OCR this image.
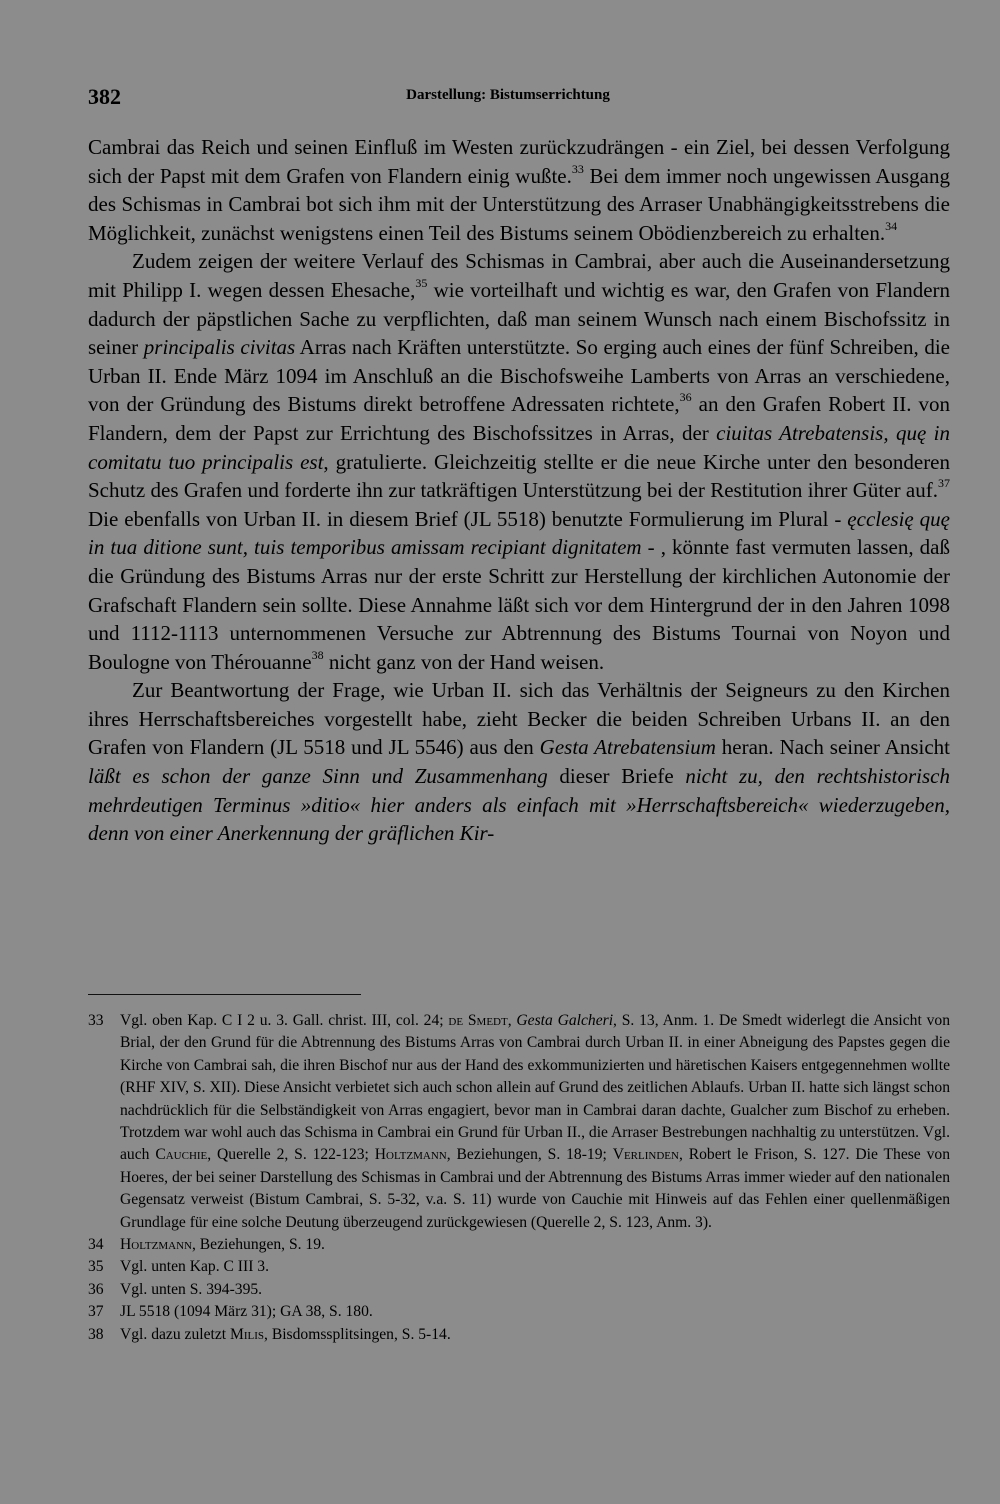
382	Darstellung: Bistumserrichtung

Cambrai das Reich und seinen Einfluß im Westen zurückzudrängen - ein Ziel, bei dessen Verfolgung sich der Papst mit dem Grafen von Flandern einig wußte.$^{33}$ Bei dem immer noch ungewissen Ausgang des Schismas in Cambrai bot sich ihm mit der Unterstützung des Arraser Unabhängigkeitsstrebens die Möglichkeit, zunächst wenigstens einen Teil des Bistums seinem Obödienzbereich zu erhalten.$^{34}$

Zudem zeigen der weitere Verlauf des Schismas in Cambrai, aber auch die Auseinandersetzung mit Philipp I. wegen dessen Ehesache,$^{35}$ wie vorteilhaft und wichtig es war, den Grafen von Flandern dadurch der päpstlichen Sache zu verpflichten, daß man seinem Wunsch nach einem Bischofssitz in seiner principalis civitas Arras nach Kräften unterstützte. So erging auch eines der fünf Schreiben, die Urban II. Ende März 1094 im Anschluß an die Bischofsweihe Lamberts von Arras an verschiedene, von der Gründung des Bistums direkt betroffene Adressaten richtete,$^{36}$ an den Grafen Robert II. von Flandern, dem der Papst zur Errichtung des Bischofssitzes in Arras, der ciuitas Atrebatensis, quę in comitatu tuo principalis est, gratulierte. Gleichzeitig stellte er die neue Kirche unter den besonderen Schutz des Grafen und forderte ihn zur tatkräftigen Unterstützung bei der Restitution ihrer Güter auf.$^{37}$ Die ebenfalls von Urban II. in diesem Brief (JL 5518) benutzte Formulierung im Plural - ęcclesię quę in tua ditione sunt, tuis temporibus amissam recipiant dignitatem - , könnte fast vermuten lassen, daß die Gründung des Bistums Arras nur der erste Schritt zur Herstellung der kirchlichen Autonomie der Grafschaft Flandern sein sollte. Diese Annahme läßt sich vor dem Hintergrund der in den Jahren 1098 und 1112-1113 unternommenen Versuche zur Abtrennung des Bistums Tournai von Noyon und Boulogne von Thérouanne$^{38}$ nicht ganz von der Hand weisen.

Zur Beantwortung der Frage, wie Urban II. sich das Verhältnis der Seigneurs zu den Kirchen ihres Herrschaftsbereiches vorgestellt habe, zieht Becker die beiden Schreiben Urbans II. an den Grafen von Flandern (JL 5518 und JL 5546) aus den Gesta Atrebatensium heran. Nach seiner Ansicht läßt es schon der ganze Sinn und Zusammenhang dieser Briefe nicht zu, den rechtshistorisch mehrdeutigen Terminus »ditio« hier anders als einfach mit »Herrschaftsbereich« wiederzugeben, denn von einer Anerkennung der gräflichen Kir-

33	Vgl. oben Kap. C I 2 u. 3. Gall. christ. III, col. 24; de Smedt, Gesta Galcheri, S. 13, Anm. 1. De Smedt widerlegt die Ansicht von Brial, der den Grund für die Abtrennung des Bistums Arras von Cambrai durch Urban II. in einer Abneigung des Papstes gegen die Kirche von Cambrai sah, die ihren Bischof nur aus der Hand des exkommunizierten und häretischen Kaisers entgegennehmen wollte (RHF XIV, S. XII). Diese Ansicht verbietet sich auch schon allein auf Grund des zeitlichen Ablaufs. Urban II. hatte sich längst schon nachdrücklich für die Selbständigkeit von Arras engagiert, bevor man in Cambrai daran dachte, Gualcher zum Bischof zu erheben. Trotzdem war wohl auch das Schisma in Cambrai ein Grund für Urban II., die Arraser Bestrebungen nachhaltig zu unterstützen. Vgl. auch Cauchie, Querelle 2, S. 122-123; Holtzmann, Beziehungen, S. 18-19; Verlinden, Robert le Frison, S. 127. Die These von Hoeres, der bei seiner Darstellung des Schismas in Cambrai und der Abtrennung des Bistums Arras immer wieder auf den nationalen Gegensatz verweist (Bistum Cambrai, S. 5-32, v.a. S. 11) wurde von Cauchie mit Hinweis auf das Fehlen einer quellenmäßigen Grundlage für eine solche Deutung überzeugend zurückgewiesen (Querelle 2, S. 123, Anm. 3).
34	Holtzmann, Beziehungen, S. 19.
35	Vgl. unten Kap. C III 3.
36	Vgl. unten S. 394-395.
37	JL 5518 (1094 März 31); GA 38, S. 180.
38	Vgl. dazu zuletzt Milis, Bisdomssplitsingen, S. 5-14.
